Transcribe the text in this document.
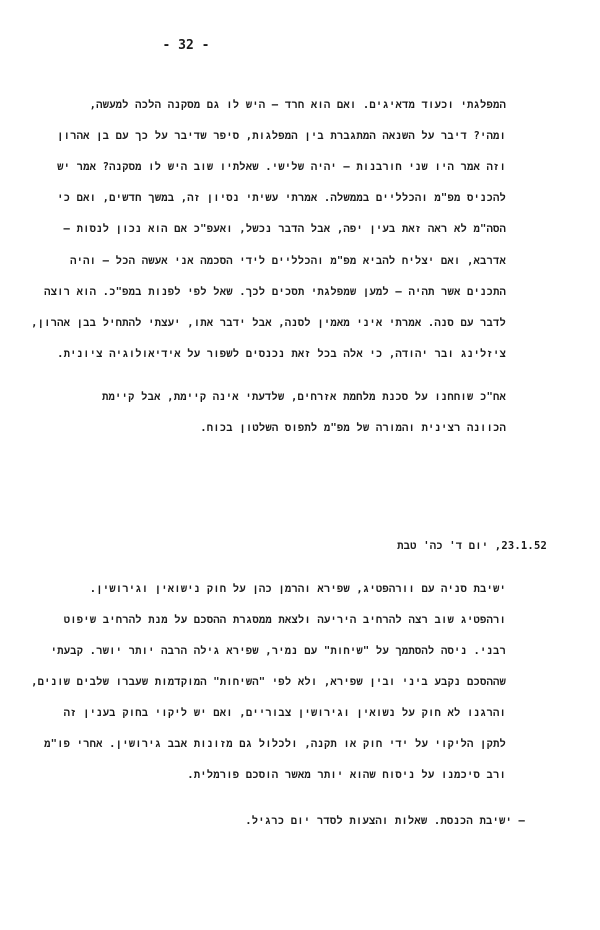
- 32 -
המפלגתי וכעוד מדאיגים. ואם הוא חרד – היש לו גם מסקנה הלכה למעשה,
ומהי? דיבר על השנאה המתגברת בין המפלגות, סיפר שדיבר על כך עם בן אהרון
וזה אמר היו שני חורבנות – יהיה שלישי. שאלתיו שוב היש לו מסקנה? אמר יש
להכניס מפ"מ והכלליים בממשלה. אמרתי עשיתי נסיון זה, במשך חדשים, ואם כי
הסה"מ לא ראה זאת בעין יפה, אבל הדבר נכשל, ואעפ"כ אם הוא נכון לנסות –
אדרבא, ואם יצליח להביא מפ"מ והכלליים לידי הסכמה אני אעשה הכל – והיה
התכנים אשר תהיה – למען שמפלגתי תסכים לכך. שאל לפי לפנות במפ"כ. הוא רוצה
לדבר עם סנה. אמרתי איני מאמין לסנה, אבל ידבר אתו, יעצתי להתחיל בבן אהרון,
ציזלינג ובר יהודה, כי אלה בכל זאת נכנסים לשפור על אידיאולוגיה ציונית.
אח"כ שוחחנו על סכנת מלחמת אזרחים, שלדעתי אינה קיימת, אבל קיימת
הכוונה רצינית והמורה של מפ"מ לתפוס השלטון בכוח.
23.1.52, יום ד' כה' טבת
ישיבת סניה עם וורהפטיג, שפירא והרמן כהן על חוק נישואין וגירושין.
ורהפטיג שוב רצה להרחיב היריעה ולצאת ממסגרת ההסכם על מנת להרחיב שיפוט
רבני. ניסה להסתמך על "שיחות" עם נמיר, שפירא גילה הרבה יותר יושר. קבעתי
שההסכם נקבע ביני ובין שפירא, ולא לפי "השיחות" המוקדמות שעברו שלבים שונים,
והרגנו לא חוק על נשואין וגירושין צבוריים, ואם יש ליקוי בחוק בענין זה
לתקן הליקוי על ידי חוק או תקנה, ולכלול גם מזונות אבב גירושין. אחרי פו"מ
ורב סיכמנו על ניסוח שהוא יותר מאשר הוסכם פורמלית.
– ישיבת הכנסת. שאלות והצעות לסדר יום כרגיל.
